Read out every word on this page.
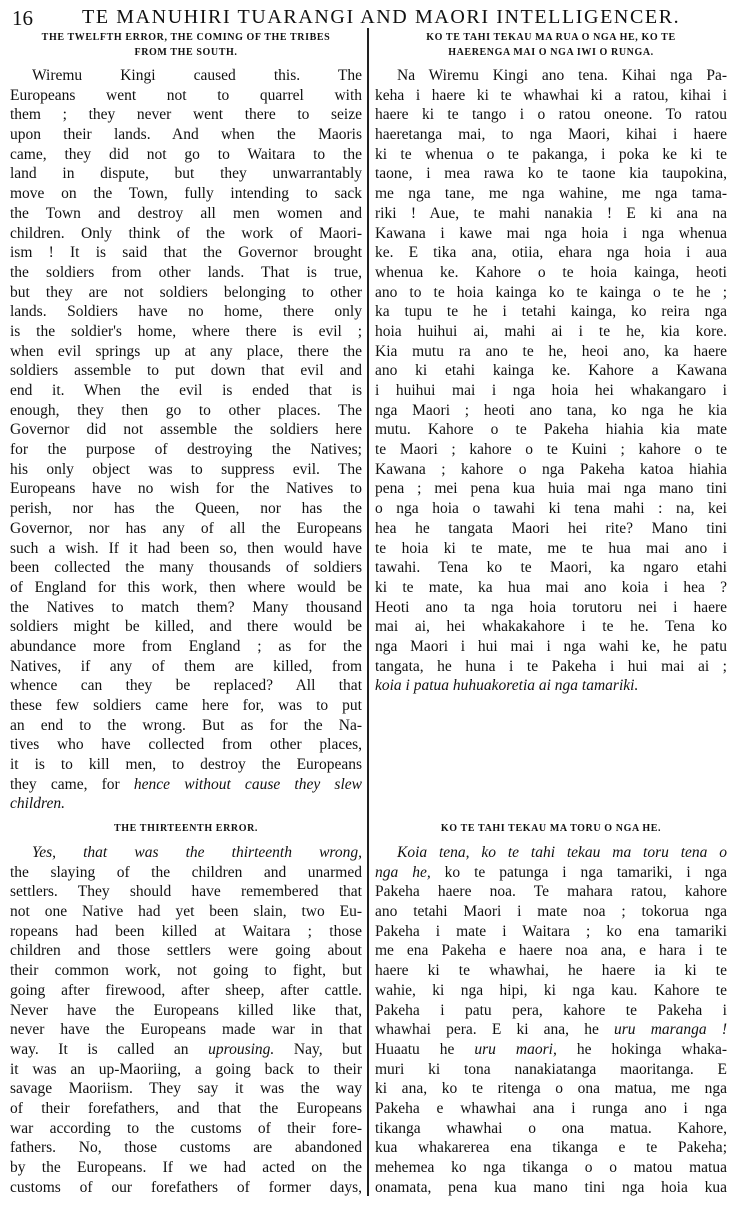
16 TE MANUHIRI TUARANGI AND MAORI INTELLIGENCER.
THE TWELFTH ERROR, THE COMING OF THE TRIBES
FROM THE SOUTH.
Wiremu Kingi caused this. The
Europeans went not to quarrel with
them ; they never went there to seize
upon their lands. And when the Maoris
came, they did not go to Waitara to the
land in dispute, but they unwarrantably
move on the Town, fully intending to sack
the Town and destroy all men women and
children. Only think of the work of Maori-
ism ! It is said that the Governor brought
the soldiers from other lands. That is true,
but they are not soldiers belonging to other
lands. Soldiers have no home, there only
is the soldier's home, where there is evil ;
when evil springs up at any place, there the
soldiers assemble to put down that evil and
end it. When the evil is ended that is
enough, they then go to other places. The
Governor did not assemble the soldiers here
for the purpose of destroying the Natives;
his only object was to suppress evil. The
Europeans have no wish for the Natives to
perish, nor has the Queen, nor has the
Governor, nor has any of all the Europeans
such a wish. If it had been so, then would have
been collected the many thousands of soldiers
of England for this work, then where would be
the Natives to match them? Many thousand
soldiers might be killed, and there would be
abundance more from England ; as for the
Natives, if any of them are killed, from
whence can they be replaced? All that
these few soldiers came here for, was to put
an end to the wrong. But as for the Na-
tives who have collected from other places,
it is to kill men, to destroy the Europeans
they came, for hence without cause they slew
children.
KO TE TAHI TEKAU MA RUA O NGA HE, KO TE
HAERENGA MAI O NGA IWI O RUNGA.
Na Wiremu Kingi ano tena. Kihai nga Pa-
keha i haere ki te whawhai ki a ratou, kihai i
haere ki te tango i o ratou oneone. To ratou
haeretanga mai, to nga Maori, kihai i haere
ki te whenua o te pakanga, i poka ke ki te
taone, i mea rawa ko te taone kia taupokina,
me nga tane, me nga wahine, me nga tama-
riki ! Aue, te mahi nanakia ! E ki ana na
Kawana i kawe mai nga hoia i nga whenua
ke. E tika ana, otiia, ehara nga hoia i aua
whenua ke. Kahore o te hoia kainga, heoti
ano to te hoia kainga ko te kainga o te he ;
ka tupu te he i tetahi kainga, ko reira nga
hoia huihui ai, mahi ai i te he, kia kore.
Kia mutu ra ano te he, heoi ano, ka haere
ano ki etahi kainga ke. Kahore a Kawana
i huihui mai i nga hoia hei whakangaro i
nga Maori ; heoti ano tana, ko nga he kia
mutu. Kahore o te Pakeha hiahia kia mate
te Maori ; kahore o te Kuini ; kahore o te
Kawana ; kahore o nga Pakeha katoa hiahia
pena ; mei pena kua huia mai nga mano tini
o nga hoia o tawahi ki tena mahi : na, kei
hea he tangata Maori hei rite? Mano tini
te hoia ki te mate, me te hua mai ano i
tawahi. Tena ko te Maori, ka ngaro etahi
ki te mate, ka hua mai ano koia i hea ?
Heoti ano ta nga hoia torutoru nei i haere
mai ai, hei whakakahore i te he. Tena ko
nga Maori i hui mai i nga wahi ke, he patu
tangata, he huna i te Pakeha i hui mai ai ;
koia i patua huhuakoretia ai nga tamariki.
THE THIRTEENTH ERROR.
Yes, that was the thirteenth wrong,
the slaying of the children and unarmed
settlers. They should have remembered that
not one Native had yet been slain, two Eu-
ropeans had been killed at Waitara ; those
children and those settlers were going about
their common work, not going to fight, but
going after firewood, after sheep, after cattle.
Never have the Europeans killed like that,
never have the Europeans made war in that
way. It is called an uprousing. Nay, but
it was an up-Maoriing, a going back to their
savage Maoriism. They say it was the way
of their forefathers, and that the Europeans
war according to the customs of their fore-
fathers. No, those customs are abandoned
by the Europeans. If we had acted on the
customs of our forefathers of former days,
KO TE TAHI TEKAU MA TORU O NGA HE.
Koia tena, ko te tahi tekau ma toru tena o
nga he, ko te patunga i nga tamariki, i nga
Pakeha haere noa. Te mahara ratou, kahore
ano tetahi Maori i mate noa ; tokorua nga
Pakeha i mate i Waitara ; ko ena tamariki
me ena Pakeha e haere noa ana, e hara i te
haere ki te whawhai, he haere ia ki te
wahie, ki nga hipi, ki nga kau. Kahore te
Pakeha i patu pera, kahore te Pakeha i
whawhai pera. E ki ana, he uru maranga !
Huaatu he uru maori, he hokinga whaka-
muri ki tona nanakiatanga maoritanga. E
ki ana, ko te ritenga o ona matua, me nga
Pakeha e whawhai ana i runga ano i nga
tikanga whawhai o ona matua. Kahore,
kua whakarerea ena tikanga e te Pakeha;
mehemea ko nga tikanga o o matou matua
onamata, pena kua mano tini nga hoia kua
